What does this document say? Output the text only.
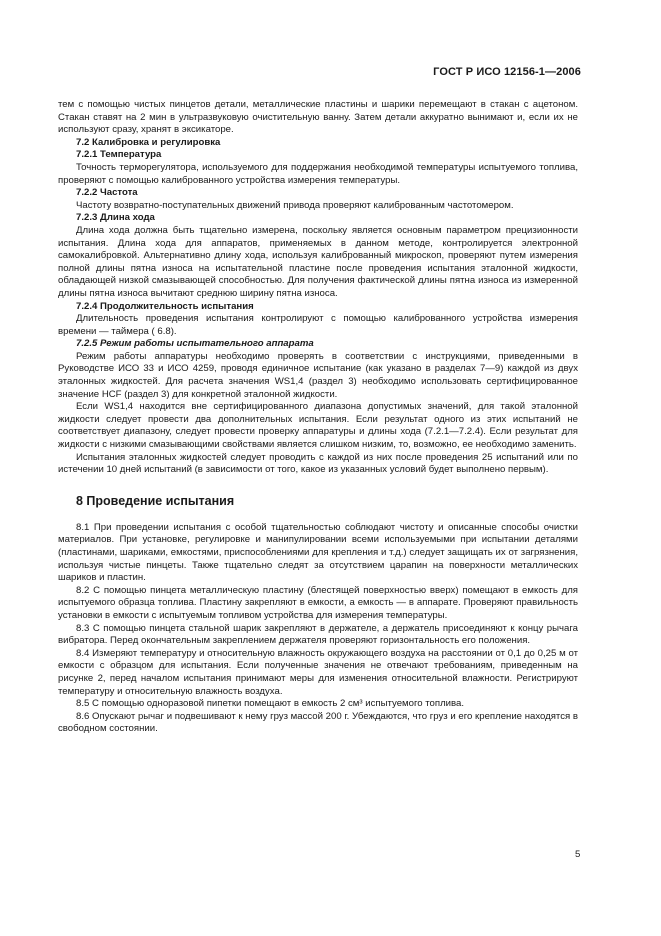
ГОСТ Р ИСО 12156-1—2006

тем с помощью чистых пинцетов детали, металлические пластины и шарики перемещают в стакан с ацетоном. Стакан ставят на 2 мин в ультразвуковую очистительную ванну. Затем детали аккуратно вынимают и, если их не используют сразу, хранят в эксикаторе.

7.2 Калибровка и регулировка
7.2.1 Температура

Точность терморегулятора, используемого для поддержания необходимой температуры испытуемого топлива, проверяют с помощью калиброванного устройства измерения температуры.

7.2.2 Частота

Частоту возвратно-поступательных движений привода проверяют калиброванным частотомером.

7.2.3 Длина хода

Длина хода должна быть тщательно измерена, поскольку является основным параметром прецизионности испытания. Длина хода для аппаратов, применяемых в данном методе, контролируется электронной самокалибровкой. Альтернативно длину хода, используя калиброванный микроскоп, проверяют путем измерения полной длины пятна износа на испытательной пластине после проведения испытания эталонной жидкости, обладающей низкой смазывающей способностью. Для получения фактической длины пятна износа из измеренной длины пятна износа вычитают среднюю ширину пятна износа.

7.2.4 Продолжительность испытания

Длительность проведения испытания контролируют с помощью калиброванного устройства измерения времени — таймера ( 6.8).

7.2.5 Режим работы испытательного аппарата

Режим работы аппаратуры необходимо проверять в соответствии с инструкциями, приведенными в Руководстве ИСО 33 и ИСО 4259, проводя единичное испытание (как указано в разделах 7—9) каждой из двух эталонных жидкостей. Для расчета значения WS1,4 (раздел 3) необходимо использовать сертифицированное значение HCF (раздел 3) для конкретной эталонной жидкости.

Если WS1,4 находится вне сертифицированного диапазона допустимых значений, для такой эталонной жидкости следует провести два дополнительных испытания. Если результат одного из этих испытаний не соответствует диапазону, следует провести проверку аппаратуры и длины хода (7.2.1—7.2.4). Если результат для жидкости с низкими смазывающими свойствами является слишком низким, то, возможно, ее необходимо заменить.

Испытания эталонных жидкостей следует проводить с каждой из них после проведения 25 испытаний или по истечении 10 дней испытаний (в зависимости от того, какое из указанных условий будет выполнено первым).

8 Проведение испытания

8.1 При проведении испытания с особой тщательностью соблюдают чистоту и описанные способы очистки материалов. При установке, регулировке и манипулировании всеми используемыми при испытании деталями (пластинами, шариками, емкостями, приспособлениями для крепления и т.д.) следует защищать их от загрязнения, используя чистые пинцеты. Также тщательно следят за отсутствием царапин на поверхности металлических шариков и пластин.

8.2 С помощью пинцета металлическую пластину (блестящей поверхностью вверх) помещают в емкость для испытуемого образца топлива. Пластину закрепляют в емкости, а емкость — в аппарате. Проверяют правильность установки в емкости с испытуемым топливом устройства для измерения температуры.

8.3 С помощью пинцета стальной шарик закрепляют в держателе, а держатель присоединяют к концу рычага вибратора. Перед окончательным закреплением держателя проверяют горизонтальность его положения.

8.4 Измеряют температуру и относительную влажность окружающего воздуха на расстоянии от 0,1 до 0,25 м от емкости с образцом для испытания. Если полученные значения не отвечают требованиям, приведенным на рисунке 2, перед началом испытания принимают меры для изменения относительной влажности. Регистрируют температуру и относительную влажность воздуха.

8.5 С помощью одноразовой пипетки помещают в емкость 2 см³ испытуемого топлива.

8.6 Опускают рычаг и подвешивают к нему груз массой 200 г. Убеждаются, что груз и его крепление находятся в свободном состоянии.

5
